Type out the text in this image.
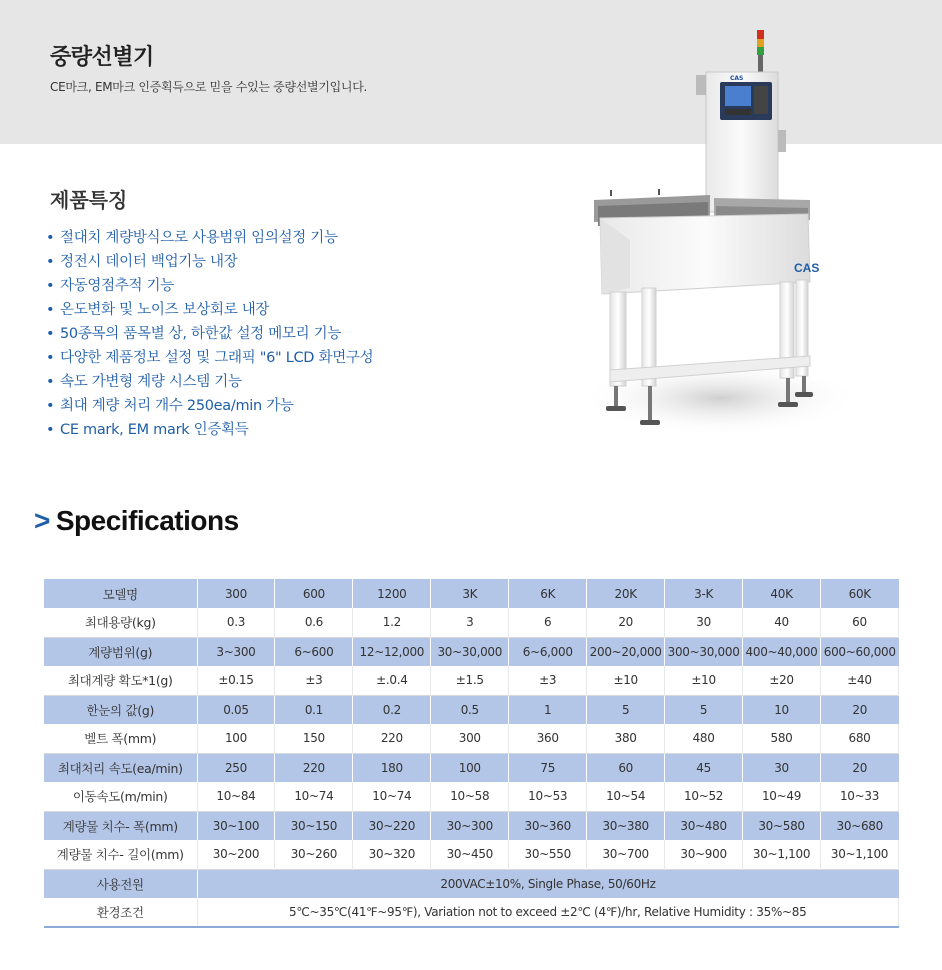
중량선별기

CE마크, EM마크 인증획득으로 믿을 수있는 중량선별기입니다.

제품특징
• 절대치 계량방식으로 사용범위 임의설정 기능
• 정전시 데이터 백업기능 내장
• 자동영점추적 기능
• 온도변화 및 노이즈 보상회로 내장
• 50종목의 품목별 상, 하한값 설정 메모리 기능
• 다양한 제품정보 설정 및 그래픽 "6" LCD 화면구성
• 속도 가변형 계량 시스템 기능
• 최대 계량 처리 개수 250ea/min 가능
• CE mark, EM mark 인증획득
CAS
CAS
> Specifications
모델명	300	600	1200	3K	6K	20K	3-K	40K	60K
최대용량(kg)	0.3	0.6	1.2	3	6	20	30	40	60
계량범위(g)	3~300	6~600	12~12,000	30~30,000	6~6,000	200~20,000	300~30,000	400~40,000	600~60,000
최대계량 확도*1(g)	±0.15	±3	±.0.4	±1.5	±3	±10	±10	±20	±40
한눈의 값(g)	0.05	0.1	0.2	0.5	1	5	5	10	20
벨트 폭(mm)	100	150	220	300	360	380	480	580	680
최대처리 속도(ea/min)	250	220	180	100	75	60	45	30	20
이동속도(m/min)	10~84	10~74	10~74	10~58	10~53	10~54	10~52	10~49	10~33
계량물 치수- 폭(mm)	30~100	30~150	30~220	30~300	30~360	30~380	30~480	30~580	30~680
계량물 치수- 길이(mm)	30~200	30~260	30~320	30~450	30~550	30~700	30~900	30~1,100	30~1,100
사용전원	200VAC±10%, Single Phase, 50/60Hz								
환경조건	5℃~35℃(41℉~95℉), Variation not to exceed ±2℃ (4℉)/hr, Relative Humidity : 35%~85								
